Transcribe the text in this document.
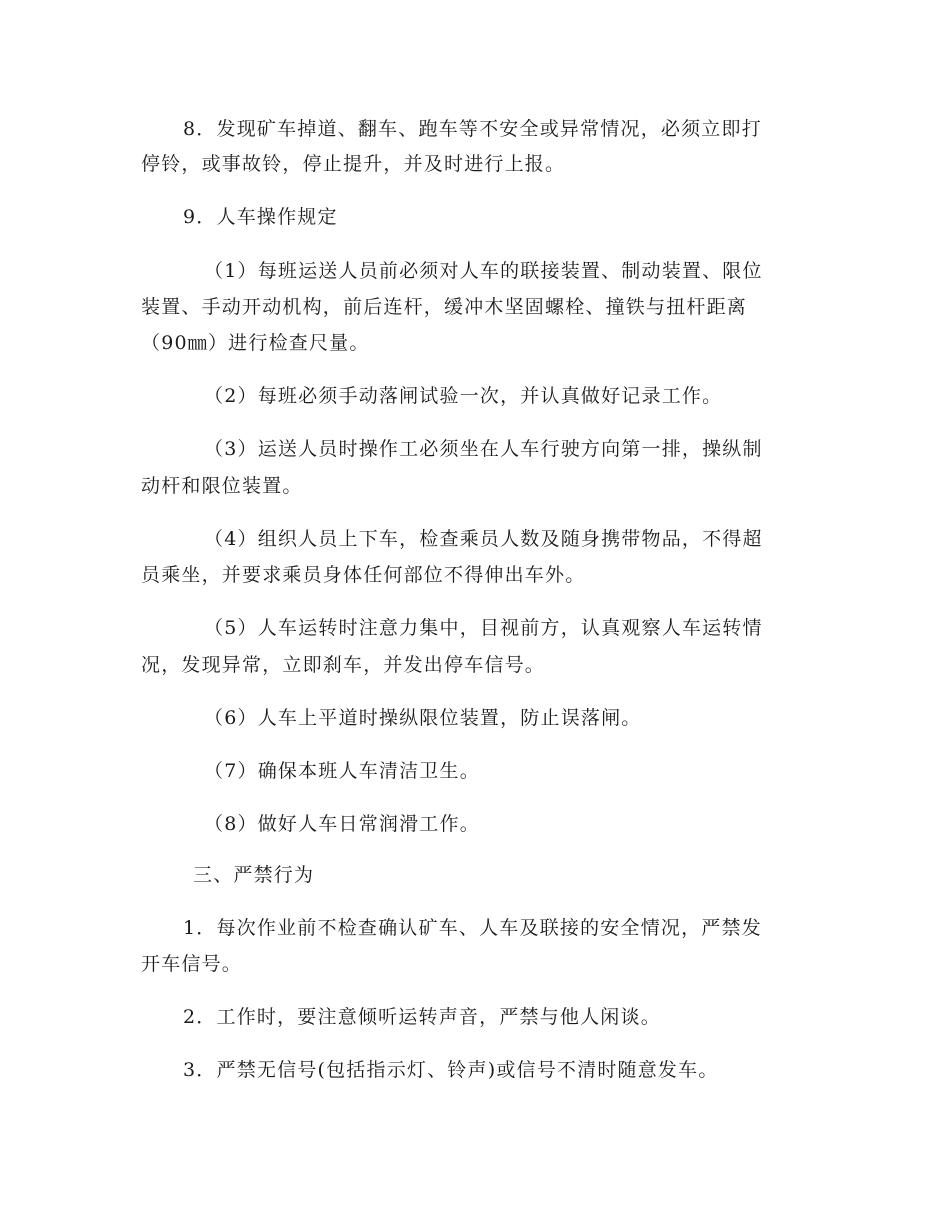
8．发现矿车掉道、翻车、跑车等不安全或异常情况，必须立即打
停铃，或事故铃，停止提升，并及时进行上报。
9．人车操作规定
（1）每班运送人员前必须对人车的联接装置、制动装置、限位
装置、手动开动机构，前后连杆，缓冲木坚固螺栓、撞铁与扭杆距离
（90㎜）进行检查尺量。
（2）每班必须手动落闸试验一次，并认真做好记录工作。
（3）运送人员时操作工必须坐在人车行驶方向第一排，操纵制
动杆和限位装置。
（4）组织人员上下车，检查乘员人数及随身携带物品，不得超
员乘坐，并要求乘员身体任何部位不得伸出车外。
（5）人车运转时注意力集中，目视前方，认真观察人车运转情
况，发现异常，立即刹车，并发出停车信号。
（6）人车上平道时操纵限位装置，防止误落闸。
（7）确保本班人车清洁卫生。
（8）做好人车日常润滑工作。
三、严禁行为
1．每次作业前不检查确认矿车、人车及联接的安全情况，严禁发
开车信号。
2．工作时，要注意倾听运转声音，严禁与他人闲谈。
3．严禁无信号(包括指示灯、铃声)或信号不清时随意发车。
